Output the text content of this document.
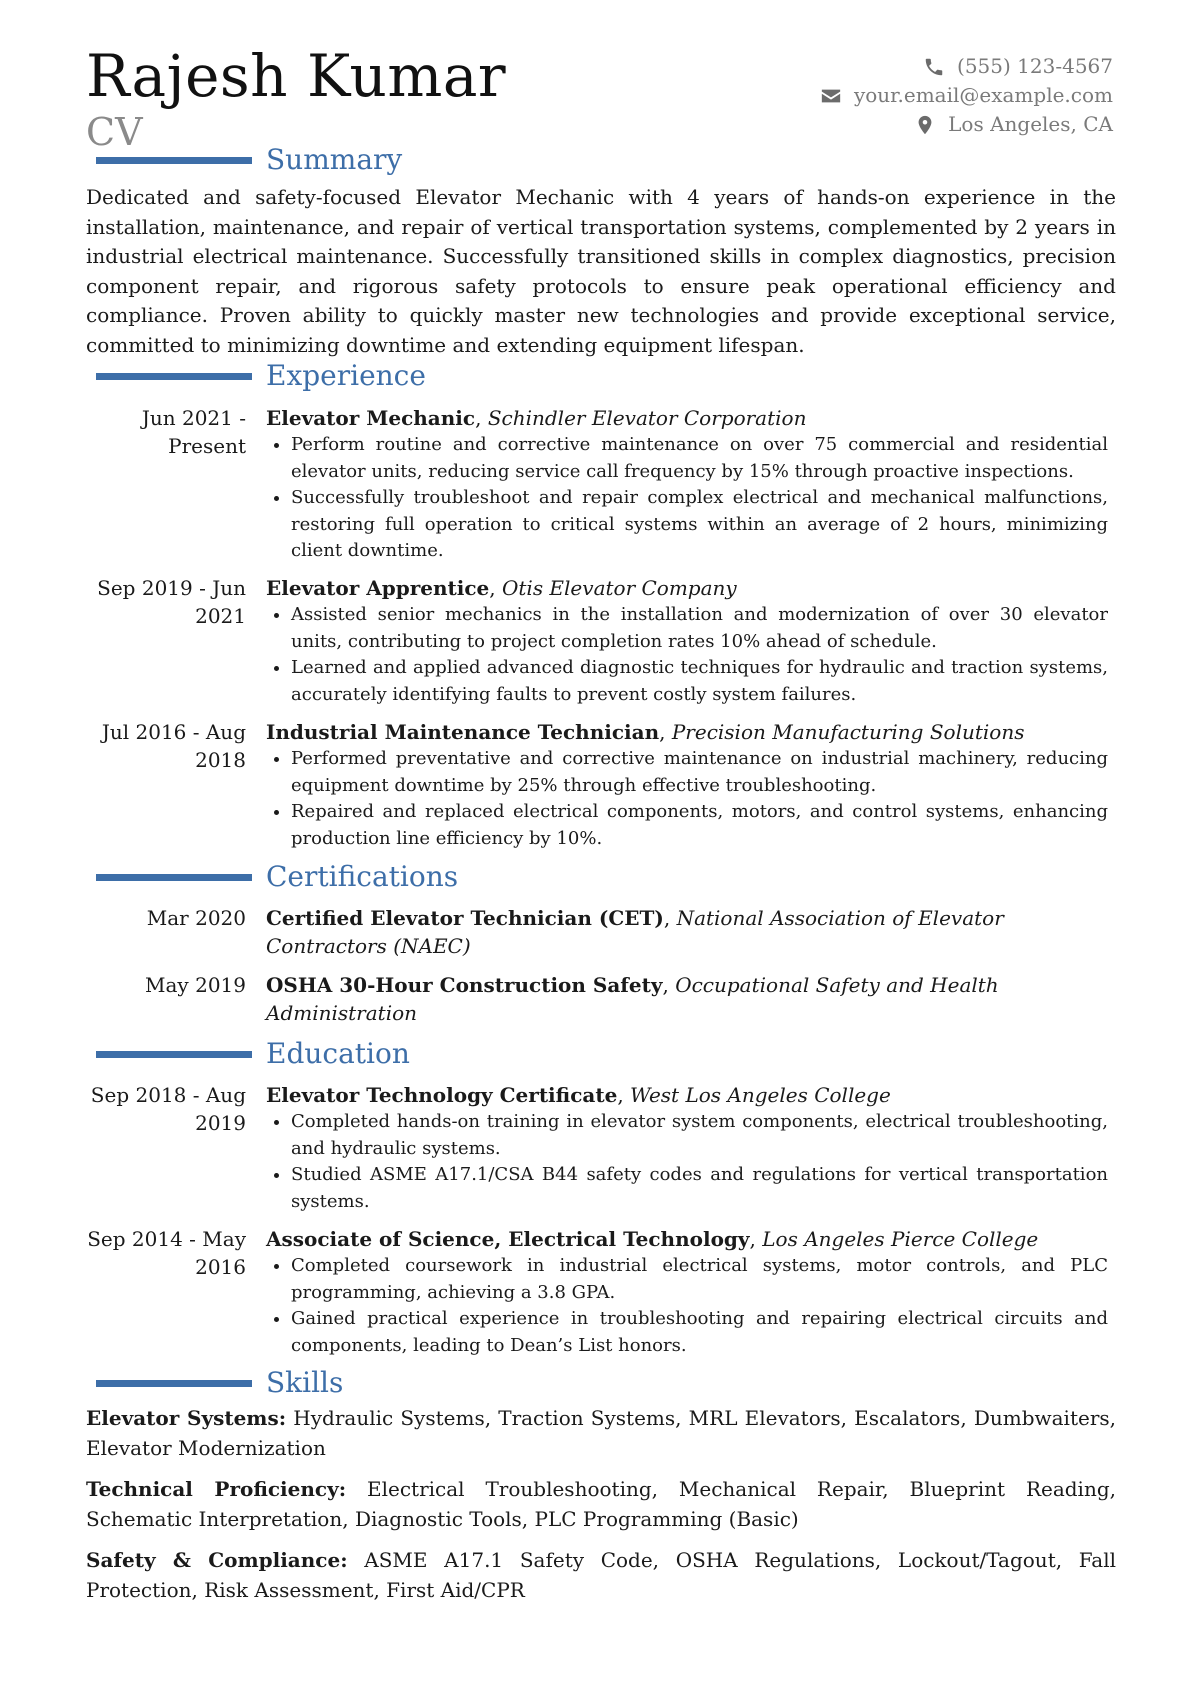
Rajesh Kumar
CV
(555) 123-4567
your.email@example.com
Los Angeles, CA
Summary
Dedicated and safety-focused Elevator Mechanic with 4 years of hands-on experience in the installation, maintenance, and repair of vertical transportation systems, complemented by 2 years in industrial electrical maintenance. Successfully transitioned skills in complex diagnostics, precision component repair, and rigorous safety protocols to ensure peak operational efficiency and compliance. Proven ability to quickly master new technologies and provide exceptional service, committed to minimizing downtime and extending equipment lifespan.
Experience
Jun 2021 - Present
Elevator Mechanic, Schindler Elevator Corporation
• Perform routine and corrective maintenance on over 75 commercial and residential elevator units, reducing service call frequency by 15% through proactive inspections.
• Successfully troubleshoot and repair complex electrical and mechanical malfunctions, restoring full operation to critical systems within an average of 2 hours, minimizing client downtime.
Sep 2019 - Jun 2021
Elevator Apprentice, Otis Elevator Company
• Assisted senior mechanics in the installation and modernization of over 30 elevator units, contributing to project completion rates 10% ahead of schedule.
• Learned and applied advanced diagnostic techniques for hydraulic and traction systems, accurately identifying faults to prevent costly system failures.
Jul 2016 - Aug 2018
Industrial Maintenance Technician, Precision Manufacturing Solutions
• Performed preventative and corrective maintenance on industrial machinery, reducing equipment downtime by 25% through effective troubleshooting.
• Repaired and replaced electrical components, motors, and control systems, enhancing production line efficiency by 10%.
Certifications
Mar 2020 Certified Elevator Technician (CET), National Association of Elevator Contractors (NAEC)
May 2019 OSHA 30-Hour Construction Safety, Occupational Safety and Health Administration
Education
Sep 2018 - Aug 2019
Elevator Technology Certificate, West Los Angeles College
• Completed hands-on training in elevator system components, electrical troubleshooting, and hydraulic systems.
• Studied ASME A17.1/CSA B44 safety codes and regulations for vertical transportation systems.
Sep 2014 - May 2016
Associate of Science, Electrical Technology, Los Angeles Pierce College
• Completed coursework in industrial electrical systems, motor controls, and PLC programming, achieving a 3.8 GPA.
• Gained practical experience in troubleshooting and repairing electrical circuits and components, leading to Dean’s List honors.
Skills
Elevator Systems: Hydraulic Systems, Traction Systems, MRL Elevators, Escalators, Dumbwaiters, Elevator Modernization
Technical Proficiency: Electrical Troubleshooting, Mechanical Repair, Blueprint Reading, Schematic Interpretation, Diagnostic Tools, PLC Programming (Basic)
Safety & Compliance: ASME A17.1 Safety Code, OSHA Regulations, Lockout/Tagout, Fall Protection, Risk Assessment, First Aid/CPR
